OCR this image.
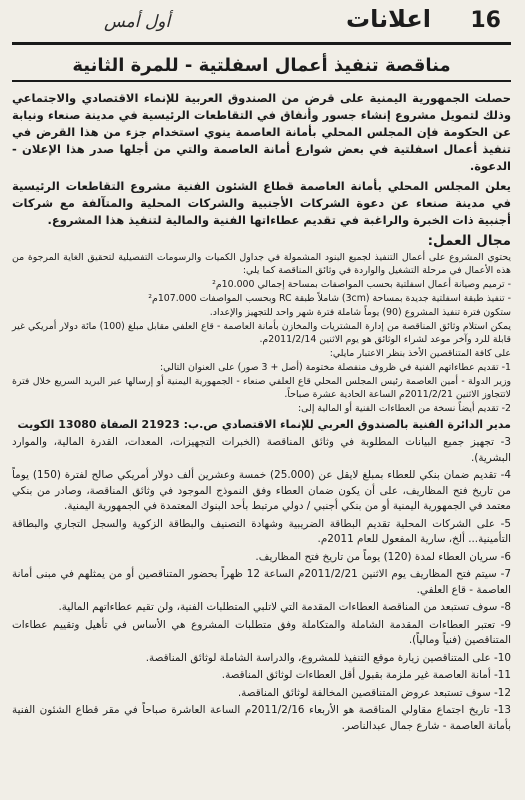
16
اعلانات
أول أمس
مناقصة تنفيذ أعمال اسفلتية - للمرة الثانية

حصلت الجمهورية اليمنية على قرض من الصندوق العربية للإنماء الاقتصادي والاجتماعي وذلك لتمويل مشروع إنشاء جسور وأنفاق في التقاطعات الرئيسية في مدينة صنعاء ونيابة عن الحكومة فإن المجلس المحلي بأمانة العاصمة ينوي استخدام جزء من هذا القرض في تنفيذ أعمال اسفلتية في بعض شوارع أمانة العاصمة والتي من أجلها صدر هذا الإعلان - الدعوة.

يعلن المجلس المحلي بأمانة العاصمة قطاع الشئون الفنية مشروع التقاطعات الرئيسية في مدينة صنعاء عن دعوة الشركات الأجنبية والشركات المحلية والمتآلفة مع شركات أجنبية ذات الخبرة والراغبة في تقديم عطاءاتها الفنية والمالية لتنفيذ هذا المشروع.

مجال العمل:

يحتوي المشروع على أعمال التنفيذ لجميع البنود المشمولة في جداول الكميات والرسومات التفصيلية لتحقيق الغاية المرجوة من هذه الأعمال في مرحلة التشغيل والواردة في وثائق المناقصة كما يلي:

- ترميم وصيانة أعمال اسفلتية بحسب المواصفات بمساحة إجمالي 10.000م²

- تنفيذ طبقة اسفلتية جديدة بمساحة (3cm) شاملاً طبقة RC وبحسب المواصفات 107.000م²

ستكون فترة تنفيذ المشروع (90) يوماً شاملة فترة شهر واحد للتجهيز والإعداد.

يمكن استلام وثائق المناقصة من إدارة المشتريات والمخازن بأمانة العاصمة - قاع العلفي مقابل مبلغ (100) مائة دولار أمريكي غير قابلة للرد وآخر موعد لشراء الوثائق هو يوم الاثنين 2011/2/14م.

على كافة المتناقصين الأخذ بنظر الاعتبار مايلي:

1- تقديم عطاءاتهم الفنية في ظروف منفصلة مختومة (أصل + 3 صور) على العنوان التالي:

وزير الدولة - أمين العاصمة رئيس المجلس المحلي قاع العلفي صنعاء - الجمهورية اليمنية أو إرسالها عبر البريد السريع خلال فترة لاتتجاوز الاثنين 2011/2/21م الساعة الحادية عشرة صباحاً.

2- تقديم أيضاً نسخة من العطاءات الفنية أو المالية إلى:

مدير الدائرة الفنية بالصندوق العربي للإنماء الاقتصادي ص.ب: 21923 الصفاة 13080 الكويت

3- تجهيز جميع البيانات المطلوبة في وثائق المناقصة (الخبرات التجهيزات، المعدات، القدرة المالية، والموارد البشرية).

4- تقديم ضمان بنكي للعطاء بمبلغ لايقل عن (25.000) خمسة وعشرين ألف دولار أمريكي صالح لفترة (150) يوماً من تاريخ فتح المظاريف، على أن يكون ضمان العطاء وفق النموذج الموجود في وثائق المناقصة، وصادر من بنكي معتمد في الجمهورية اليمنية أو من بنكي أجنبي / دولي مرتبط بأحد البنوك المعتمدة في الجمهورية اليمنية.

5- على الشركات المحلية تقديم البطاقة الضريبية وشهادة التصنيف والبطاقة الزكوية والسجل التجاري والبطاقة التأمينية... ألخ، سارية المفعول للعام 2011م.

6- سريان العطاء لمدة (120) يوماً من تاريخ فتح المظاريف.

7- سيتم فتح المظاريف يوم الاثنين 2011/2/21م الساعة 12 ظهراً بحضور المتناقصين أو من يمثلهم في مبنى أمانة العاصمة - قاع العلفي.

8- سوف تستبعد من المناقصة العطاءات المقدمة التي لاتلبي المتطلبات الفنية، ولن تقيم عطاءاتهم المالية.

9- تعتبر العطاءات المقدمة الشاملة والمتكاملة وفق متطلبات المشروع هي الأساس في تأهيل وتقييم عطاءات المتناقصين (فنياً ومالياً).

10- على المتناقصين زيارة موقع التنفيذ للمشروع، والدراسة الشاملة لوثائق المناقصة.

11- أمانة العاصمة غير ملزمة بقبول أقل العطاءات لوثائق المناقصة.

12- سوف تستبعد عروض المتناقصين المخالفة لوثائق المناقصة.

13- تاريخ اجتماع مقاولي المناقصة هو الأربعاء 2011/2/16م الساعة العاشرة صباحاً في مقر قطاع الشئون الفنية بأمانة العاصمة - شارع جمال عبدالناصر.
